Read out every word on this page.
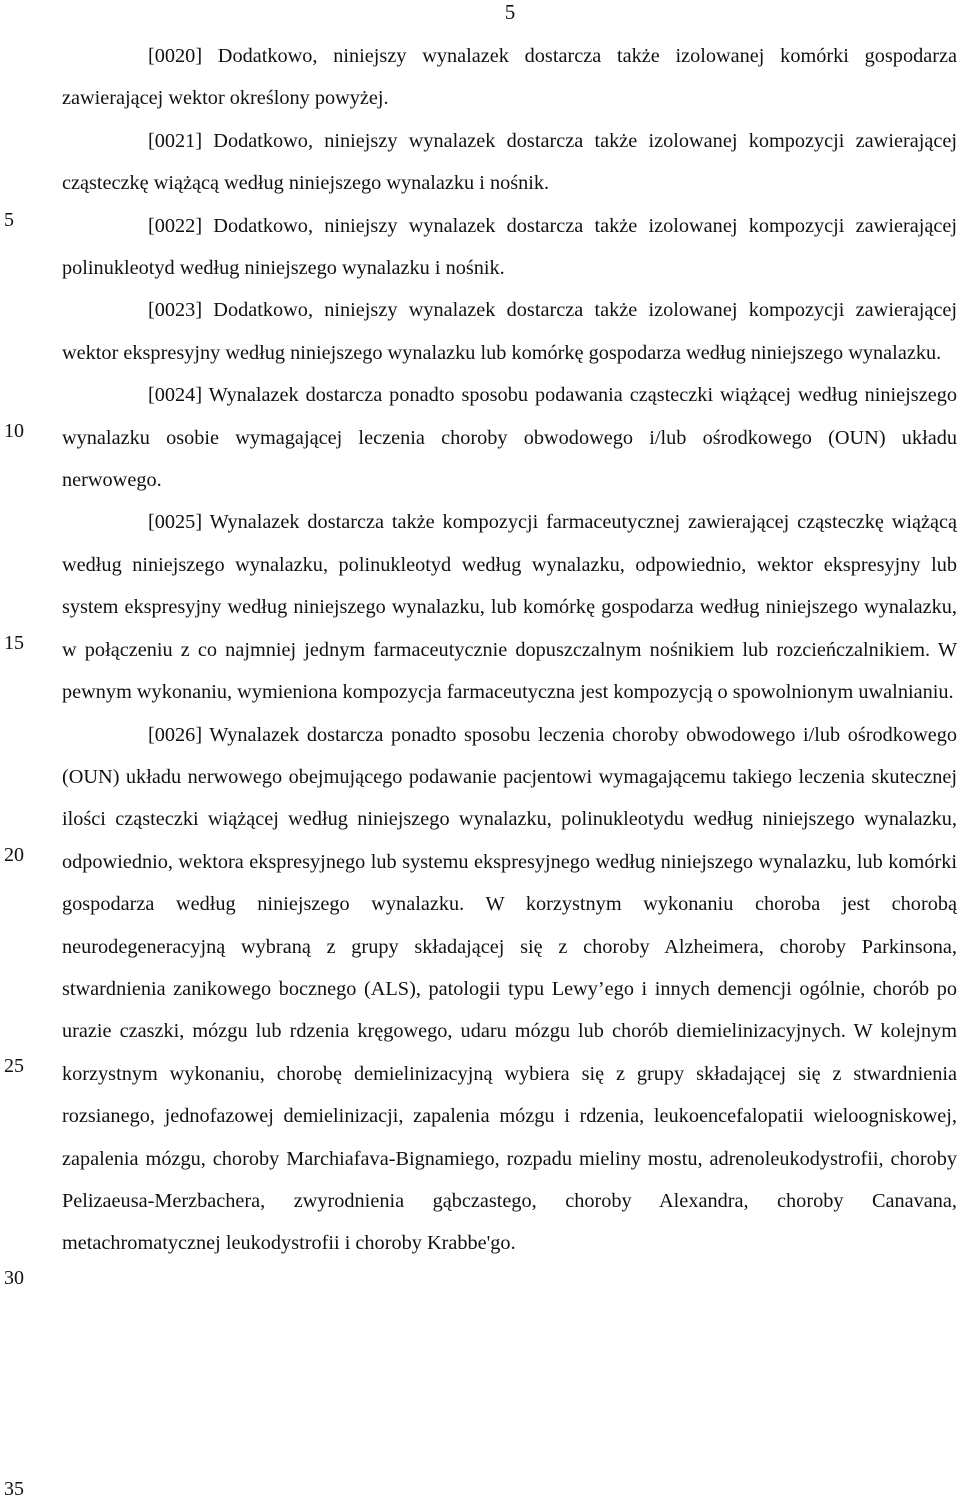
5
5
10
15
20
25
30
35

[0020] Dodatkowo, niniejszy wynalazek dostarcza także izolowanej komórki gospodarza zawierającej wektor określony powyżej.

[0021] Dodatkowo, niniejszy wynalazek dostarcza także izolowanej kompozycji zawierającej cząsteczkę wiążącą według niniejszego wynalazku i nośnik.

[0022] Dodatkowo, niniejszy wynalazek dostarcza także izolowanej kompozycji zawierającej polinukleotyd według niniejszego wynalazku i nośnik.

[0023] Dodatkowo, niniejszy wynalazek dostarcza także izolowanej kompozycji zawierającej wektor ekspresyjny według niniejszego wynalazku lub komórkę gospodarza według niniejszego wynalazku.

[0024] Wynalazek dostarcza ponadto sposobu podawania cząsteczki wiążącej według niniejszego wynalazku osobie wymagającej leczenia choroby obwodowego i/lub ośrodkowego (OUN) układu nerwowego.

[0025] Wynalazek dostarcza także kompozycji farmaceutycznej zawierającej cząsteczkę wiążącą według niniejszego wynalazku, polinukleotyd według wynalazku, odpowiednio, wektor ekspresyjny lub system ekspresyjny według niniejszego wynalazku, lub komórkę gospodarza według niniejszego wynalazku, w połączeniu z co najmniej jednym farmaceutycznie dopuszczalnym nośnikiem lub rozcieńczalnikiem. W pewnym wykonaniu, wymieniona kompozycja farmaceutyczna jest kompozycją o spowolnionym uwalnianiu.

[0026] Wynalazek dostarcza ponadto sposobu leczenia choroby obwodowego i/lub ośrodkowego (OUN) układu nerwowego obejmującego podawanie pacjentowi wymagającemu takiego leczenia skutecznej ilości cząsteczki wiążącej według niniejszego wynalazku, polinukleotydu według niniejszego wynalazku, odpowiednio, wektora ekspresyjnego lub systemu ekspresyjnego według niniejszego wynalazku, lub komórki gospodarza według niniejszego wynalazku. W korzystnym wykonaniu choroba jest chorobą neurodegeneracyjną wybraną z grupy składającej się z choroby Alzheimera, choroby Parkinsona, stwardnienia zanikowego bocznego (ALS), patologii typu Lewy’ego i innych demencji ogólnie, chorób po urazie czaszki, mózgu lub rdzenia kręgowego, udaru mózgu lub chorób diemielinizacyjnych. W kolejnym korzystnym wykonaniu, chorobę demielinizacyjną wybiera się z grupy składającej się z stwardnienia rozsianego, jednofazowej demielinizacji, zapalenia mózgu i rdzenia, leukoencefalopatii wieloogniskowej, zapalenia mózgu, choroby Marchiafava-Bignamiego, rozpadu mieliny mostu, adrenoleukodystrofii, choroby Pelizaeusa-Merzbachera, zwyrodnienia gąbczastego, choroby Alexandra, choroby Canavana, metachromatycznej leukodystrofii i choroby Krabbe'go.
